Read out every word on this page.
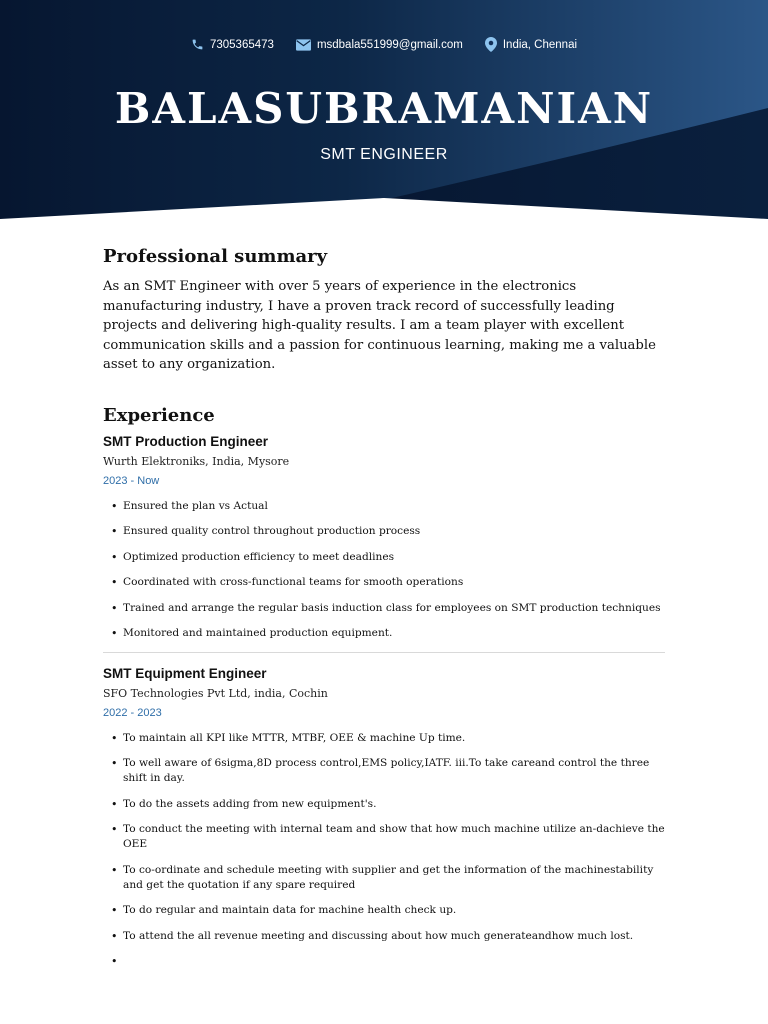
7305365473	msdbala551999@gmail.com	India, Chennai
BALASUBRAMANIAN
SMT ENGINEER
Professional summary

As an SMT Engineer with over 5 years of experience in the electronics manufacturing industry, I have a proven track record of successfully leading projects and delivering high-quality results. I am a team player with excellent communication skills and a passion for continuous learning, making me a valuable asset to any organization.

Experience
SMT Production Engineer
Wurth Elektroniks, India, Mysore
2023 - Now
• Ensured the plan vs Actual
• Ensured quality control throughout production process
• Optimized production efficiency to meet deadlines
• Coordinated with cross-functional teams for smooth operations
• Trained and arrange the regular basis induction class for employees on SMT production techniques
• Monitored and maintained production equipment.
SMT Equipment Engineer
SFO Technologies Pvt Ltd, india, Cochin
2022 - 2023
• To maintain all KPI like MTTR, MTBF, OEE & machine Up time.
• To well aware of 6sigma,8D process control,EMS policy,IATF. iii.To take careand control the three shift in day.
• To do the assets adding from new equipment's.
• To conduct the meeting with internal team and show that how much machine utilize an-dachieve the OEE
• To co-ordinate and schedule meeting with supplier and get the information of the machinestability and get the quotation if any spare required
• To do regular and maintain data for machine health check up.
• To attend the all revenue meeting and discussing about how much generateandhow much lost.
